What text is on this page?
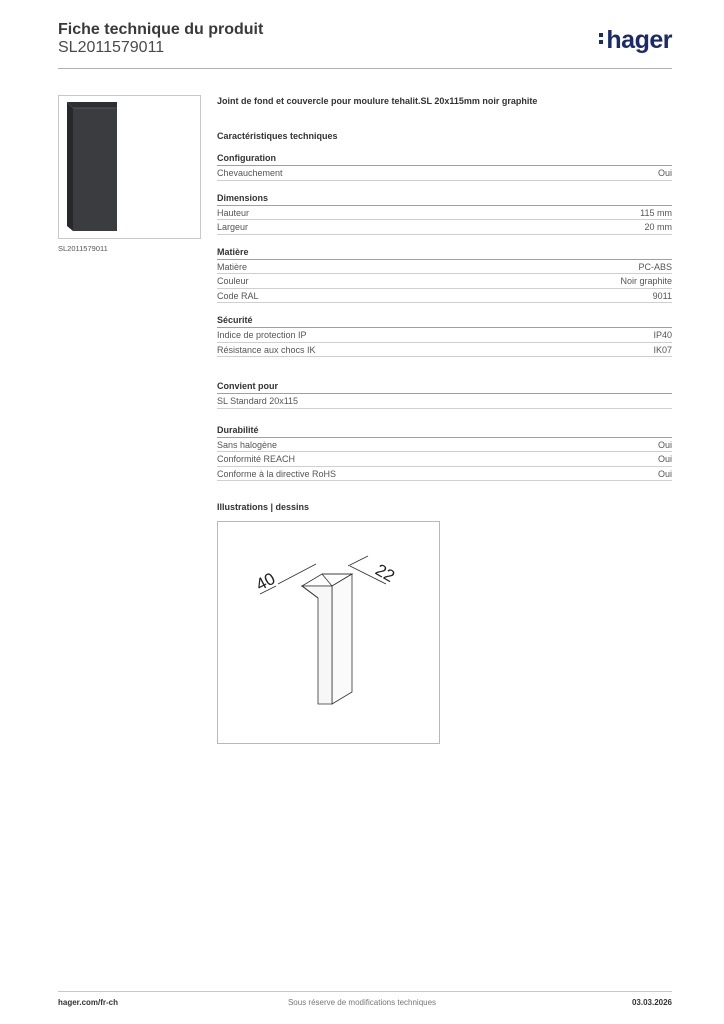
Fiche technique du produit
SL2011579011	hager
SL2011579011
Joint de fond et couvercle pour moulure tehalit.SL 20x115mm noir graphite
Caractéristiques techniques
Configuration
Chevauchement	Oui
Dimensions
Hauteur	115 mm
Largeur	20 mm
Matière
Matière	PC-ABS
Couleur	Noir graphite
Code RAL	9011
Sécurité
Indice de protection IP	IP40
Résistance aux chocs IK	IK07
Convient pour
SL Standard 20x115
Durabilité
Sans halogène	Oui
Conformité REACH	Oui
Conforme à la directive RoHS	Oui
Illustrations | dessins
40	22
hager.com/fr-ch	Sous réserve de modifications techniques	03.03.2026
